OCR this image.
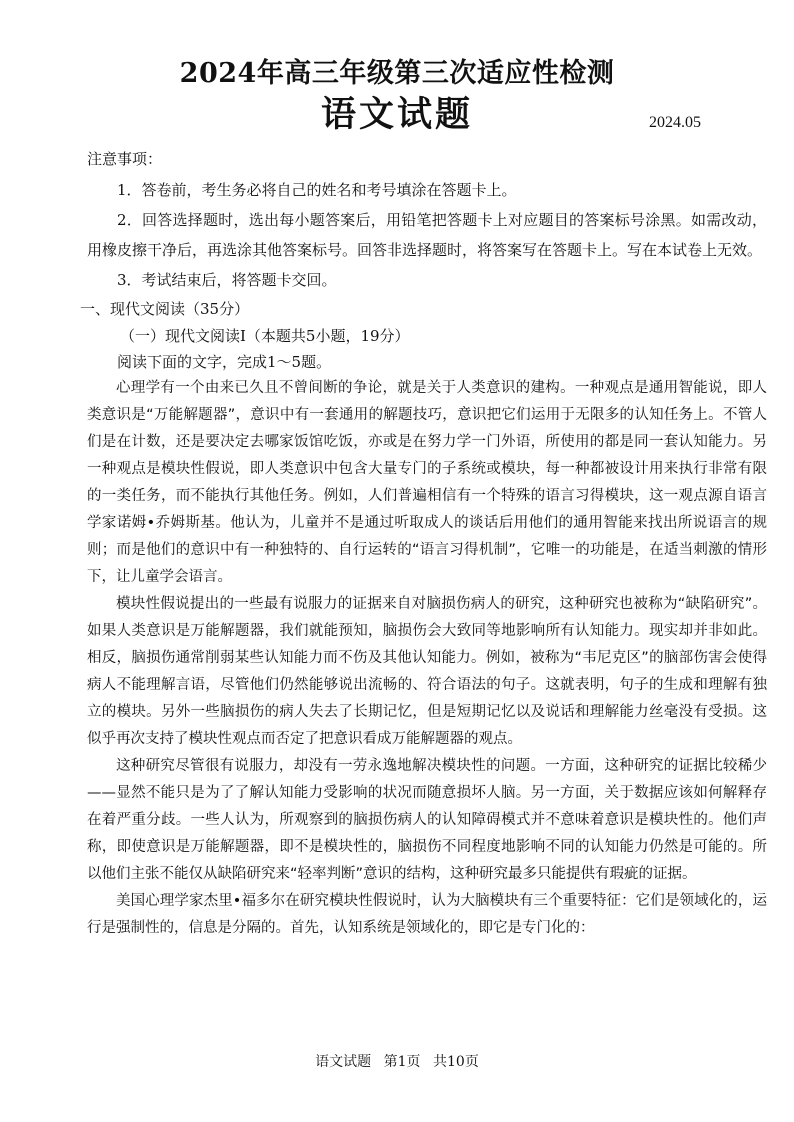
2024年高三年级第三次适应性检测

语文试题	2024.05

注意事项：

1．答卷前，考生务必将自己的姓名和考号填涂在答题卡上。

2．回答选择题时，选出每小题答案后，用铅笔把答题卡上对应题目的答案标号涂黑。如需改动，用橡皮擦干净后，再选涂其他答案标号。回答非选择题时，将答案写在答题卡上。写在本试卷上无效。

3．考试结束后，将答题卡交回。

一、现代文阅读（35分）

（一）现代文阅读I（本题共5小题，19分）

阅读下面的文字，完成1～5题。

心理学有一个由来已久且不曾间断的争论，就是关于人类意识的建构。一种观点是通用智能说，即人类意识是“万能解题器”，意识中有一套通用的解题技巧，意识把它们运用于无限多的认知任务上。不管人们是在计数，还是要决定去哪家饭馆吃饭，亦或是在努力学一门外语，所使用的都是同一套认知能力。另一种观点是模块性假说，即人类意识中包含大量专门的子系统或模块，每一种都被设计用来执行非常有限的一类任务，而不能执行其他任务。例如，人们普遍相信有一个特殊的语言习得模块，这一观点源自语言学家诺姆•乔姆斯基。他认为，儿童并不是通过听取成人的谈话后用他们的通用智能来找出所说语言的规则；而是他们的意识中有一种独特的、自行运转的“语言习得机制”，它唯一的功能是，在适当刺激的情形下，让儿童学会语言。

模块性假说提出的一些最有说服力的证据来自对脑损伤病人的研究，这种研究也被称为“缺陷研究”。如果人类意识是万能解题器，我们就能预知，脑损伤会大致同等地影响所有认知能力。现实却并非如此。相反，脑损伤通常削弱某些认知能力而不伤及其他认知能力。例如，被称为“韦尼克区”的脑部伤害会使得病人不能理解言语，尽管他们仍然能够说出流畅的、符合语法的句子。这就表明，句子的生成和理解有独立的模块。另外一些脑损伤的病人失去了长期记忆，但是短期记忆以及说话和理解能力丝毫没有受损。这似乎再次支持了模块性观点而否定了把意识看成万能解题器的观点。

这种研究尽管很有说服力，却没有一劳永逸地解决模块性的问题。一方面，这种研究的证据比较稀少——显然不能只是为了了解认知能力受影响的状况而随意损坏人脑。另一方面，关于数据应该如何解释存在着严重分歧。一些人认为，所观察到的脑损伤病人的认知障碍模式并不意味着意识是模块性的。他们声称，即使意识是万能解题器，即不是模块性的，脑损伤不同程度地影响不同的认知能力仍然是可能的。所以他们主张不能仅从缺陷研究来“轻率判断”意识的结构，这种研究最多只能提供有瑕疵的证据。

美国心理学家杰里•福多尔在研究模块性假说时，认为大脑模块有三个重要特征：它们是领域化的，运行是强制性的，信息是分隔的。首先，认知系统是领域化的，即它是专门化的：

语文试题 第1页 共10页
